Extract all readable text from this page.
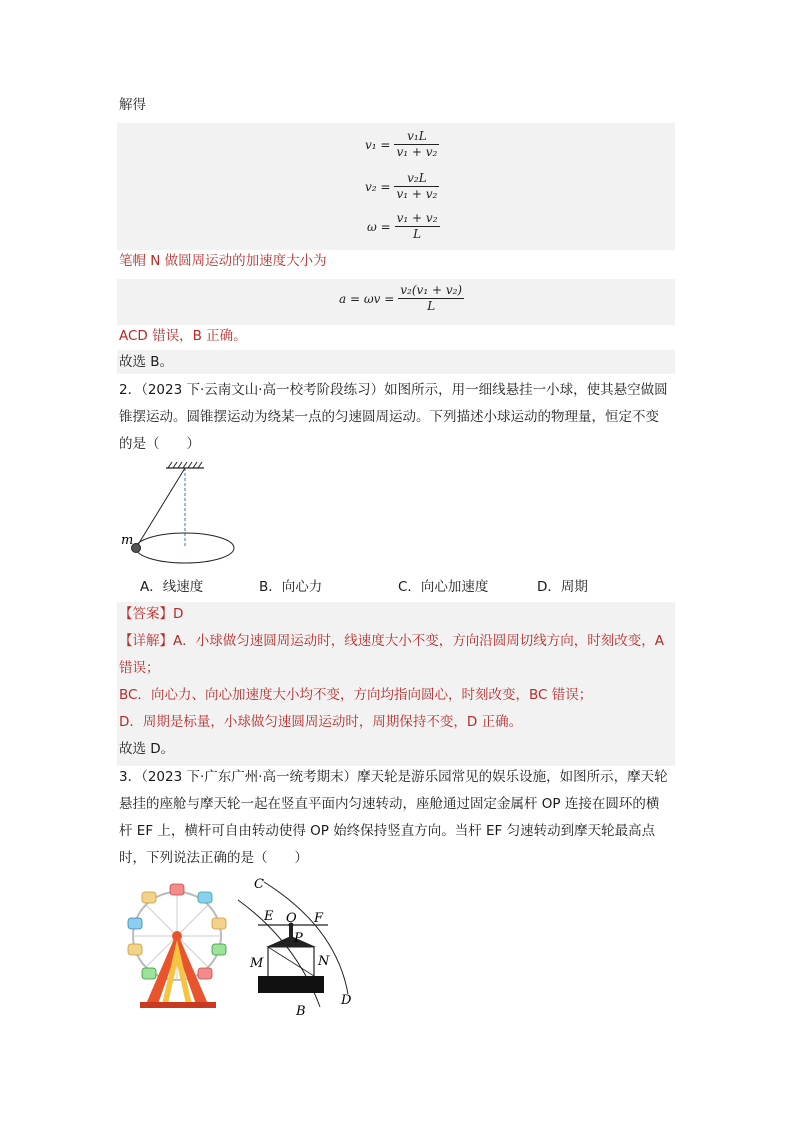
解得
$v_1 = \frac{\text{v₁L}}{\text{v₁ + v₂}}$
$v_2 = \frac{\text{v₂L}}{\text{v₁ + v₂}}$
$\omega = \frac{\text{v₁ + v₂}}{L}$
笔帽 N 做圆周运动的加速度大小为
$a = \omega v = \frac{\text{v₂(v₁ + v₂)}}{L}$
ACD 错误，B 正确。
故选 B。
2．（2023 下·云南文山·高一校考阶段练习）如图所示，用一细线悬挂一小球，使其悬空做圆
锥摆运动。圆锥摆运动为绕某一点的匀速圆周运动。下列描述小球运动的物理量，恒定不变
的是（　　）
m
A．线速度	B．向心力	C．向心加速度	D．周期
【答案】D
【详解】A．小球做匀速圆周运动时，线速度大小不变，方向沿圆周切线方向，时刻改变，A
错误；
BC．向心力、向心加速度大小均不变，方向均指向圆心，时刻改变，BC 错误；
D．周期是标量，小球做匀速圆周运动时，周期保持不变，D 正确。
故选 D。
3．（2023 下·广东广州·高一统考期末）摩天轮是游乐园常见的娱乐设施，如图所示，摩天轮
悬挂的座舱与摩天轮一起在竖直平面内匀速转动，座舱通过固定金属杆 OP 连接在圆环的横
杆 EF 上，横杆可自由转动使得 OP 始终保持竖直方向。当杆 EF 匀速转动到摩天轮最高点
时，下列说法正确的是（　　）
E O F
P
M	N
C
D
B
